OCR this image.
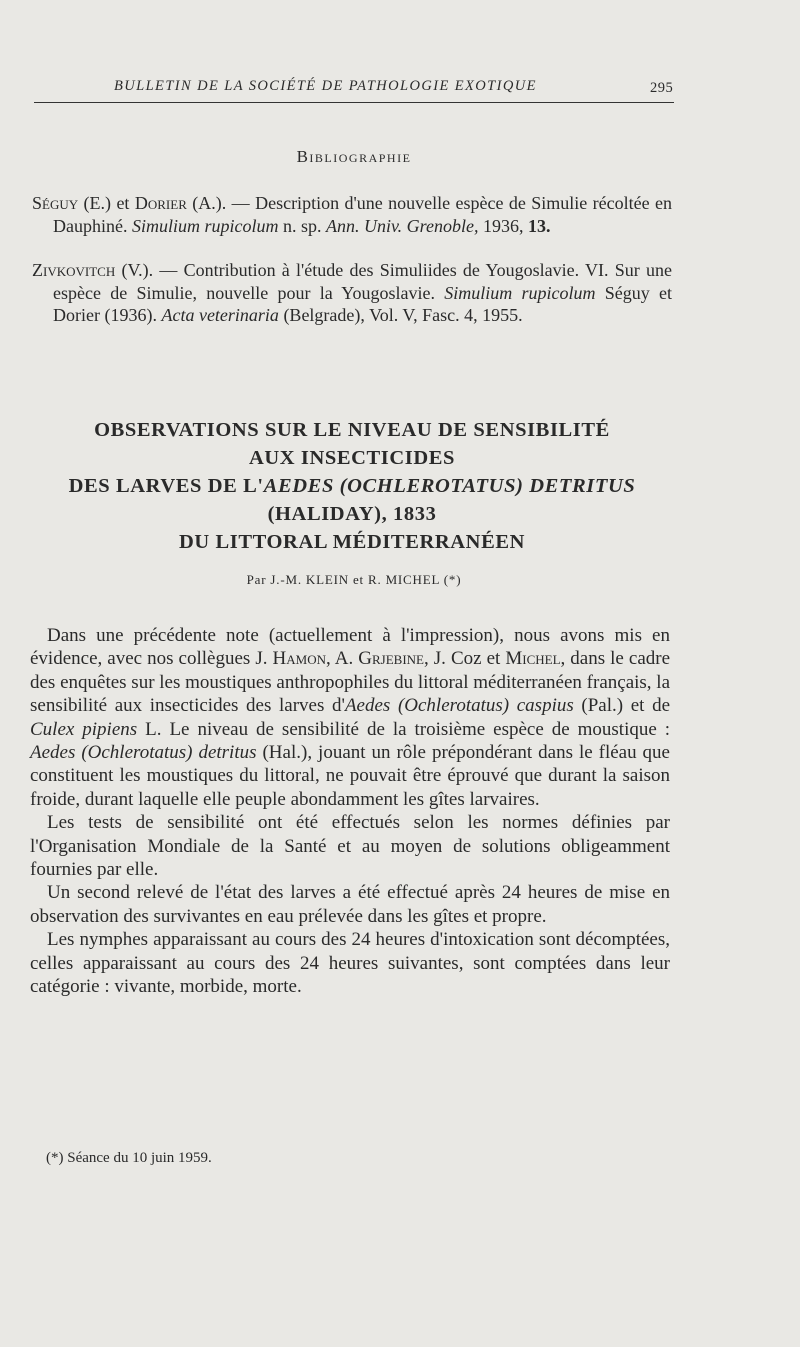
BULLETIN DE LA SOCIÉTÉ DE PATHOLOGIE EXOTIQUE	295
Bibliographie

Séguy (E.) et Dorier (A.). — Description d'une nouvelle espèce de Simulie récoltée en Dauphiné. Simulium rupicolum n. sp. Ann. Univ. Grenoble, 1936, 13.

Zivkovitch (V.). — Contribution à l'étude des Simuliides de Yougoslavie. VI. Sur une espèce de Simulie, nouvelle pour la Yougoslavie. Simulium rupicolum Séguy et Dorier (1936). Acta veterinaria (Belgrade), Vol. V, Fasc. 4, 1955.

OBSERVATIONS SUR LE NIVEAU DE SENSIBILITÉ
AUX INSECTICIDES
DES LARVES DE L'AEDES (OCHLEROTATUS) DETRITUS
(HALIDAY), 1833
DU LITTORAL MÉDITERRANÉEN
Par J.-M. KLEIN et R. MICHEL (*)

Dans une précédente note (actuellement à l'impression), nous avons mis en évidence, avec nos collègues J. Hamon, A. Grjebine, J. Coz et Michel, dans le cadre des enquêtes sur les moustiques anthropophiles du littoral méditerranéen français, la sensibilité aux insecticides des larves d'Aedes (Ochlerotatus) caspius (Pal.) et de Culex pipiens L. Le niveau de sensibilité de la troisième espèce de moustique : Aedes (Ochlerotatus) detritus (Hal.), jouant un rôle prépondérant dans le fléau que constituent les moustiques du littoral, ne pouvait être éprouvé que durant la saison froide, durant laquelle elle peuple abondamment les gîtes larvaires.

Les tests de sensibilité ont été effectués selon les normes définies par l'Organisation Mondiale de la Santé et au moyen de solutions obligeamment fournies par elle.

Un second relevé de l'état des larves a été effectué après 24 heures de mise en observation des survivantes en eau prélevée dans les gîtes et propre.

Les nymphes apparaissant au cours des 24 heures d'intoxication sont décomptées, celles apparaissant au cours des 24 heures suivantes, sont comptées dans leur catégorie : vivante, morbide, morte.

(*) Séance du 10 juin 1959.
